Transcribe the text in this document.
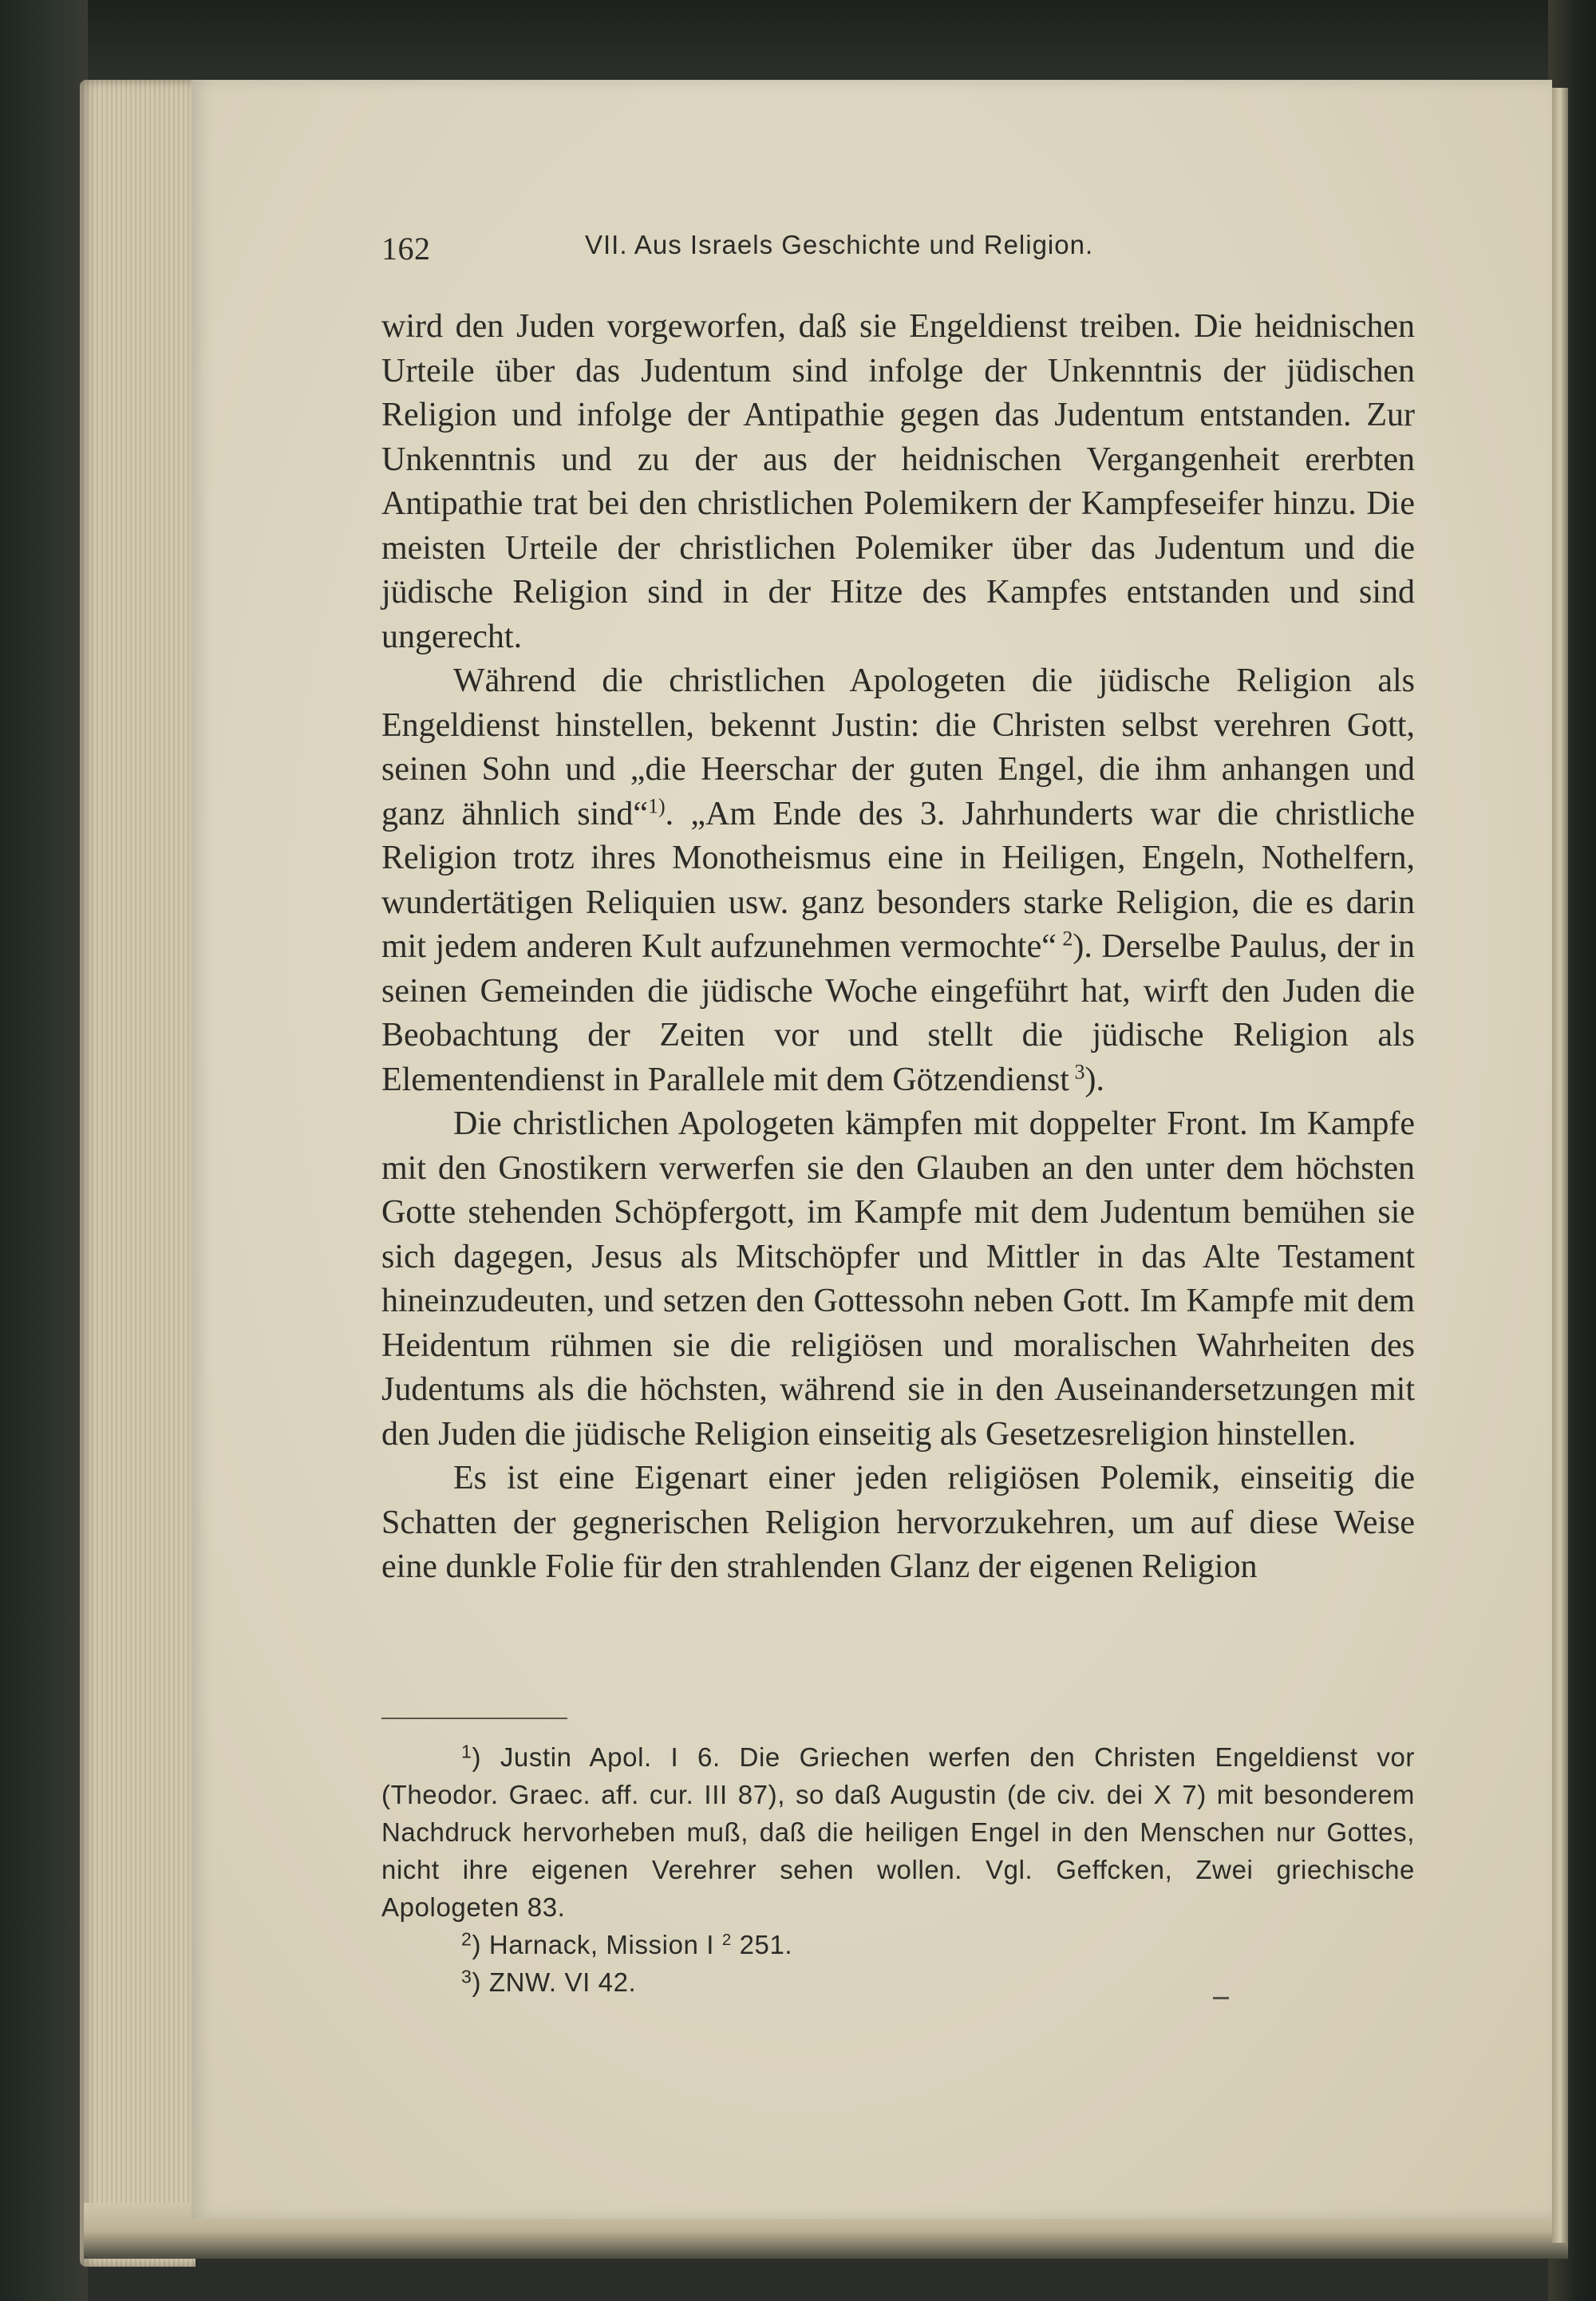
162	VII. Aus Israels Geschichte und Religion.

wird den Juden vorgeworfen, daß sie Engeldienst treiben. Die heidnischen Urteile über das Judentum sind infolge der Unkenntnis der jüdischen Religion und infolge der Antipathie gegen das Judentum entstanden. Zur Unkenntnis und zu der aus der heidnischen Vergangenheit ererbten Antipathie trat bei den christlichen Polemikern der Kampfeseifer hinzu. Die meisten Urteile der christlichen Polemiker über das Judentum und die jüdische Religion sind in der Hitze des Kampfes entstanden und sind ungerecht.

Während die christlichen Apologeten die jüdische Religion als Engeldienst hinstellen, bekennt Justin: die Christen selbst verehren Gott, seinen Sohn und „die Heerschar der guten Engel, die ihm anhangen und ganz ähnlich sind“$^{1)}$. „Am Ende des 3. Jahrhunderts war die christliche Religion trotz ihres Monotheismus eine in Heiligen, Engeln, Nothelfern, wundertätigen Reliquien usw. ganz besonders starke Religion, die es darin mit jedem anderen Kult aufzunehmen vermochte“ $^2$). Derselbe Paulus, der in seinen Gemeinden die jüdische Woche eingeführt hat, wirft den Juden die Beobachtung der Zeiten vor und stellt die jüdische Religion als Elementendienst in Parallele mit dem Götzendienst $^3$).

Die christlichen Apologeten kämpfen mit doppelter Front. Im Kampfe mit den Gnostikern verwerfen sie den Glauben an den unter dem höchsten Gotte stehenden Schöpfergott, im Kampfe mit dem Judentum bemühen sie sich dagegen, Jesus als Mitschöpfer und Mittler in das Alte Testament hineinzudeuten, und setzen den Gottessohn neben Gott. Im Kampfe mit dem Heidentum rühmen sie die religiösen und moralischen Wahrheiten des Judentums als die höchsten, während sie in den Auseinandersetzungen mit den Juden die jüdische Religion einseitig als Gesetzesreligion hinstellen.

Es ist eine Eigenart einer jeden religiösen Polemik, einseitig die Schatten der gegnerischen Religion hervorzukehren, um auf diese Weise eine dunkle Folie für den strahlenden Glanz der eigenen Religion

$^1$) Justin Apol. I 6. Die Griechen werfen den Christen Engeldienst vor (Theodor. Graec. aff. cur. III 87), so daß Augustin (de civ. dei X 7) mit besonderem Nachdruck hervorheben muß, daß die heiligen Engel in den Menschen nur Gottes, nicht ihre eigenen Verehrer sehen wollen. Vgl. Geffcken, Zwei griechische Apologeten 83.

$^2$) Harnack, Mission I $^2$ 251.

$^3$) ZNW. VI 42.
